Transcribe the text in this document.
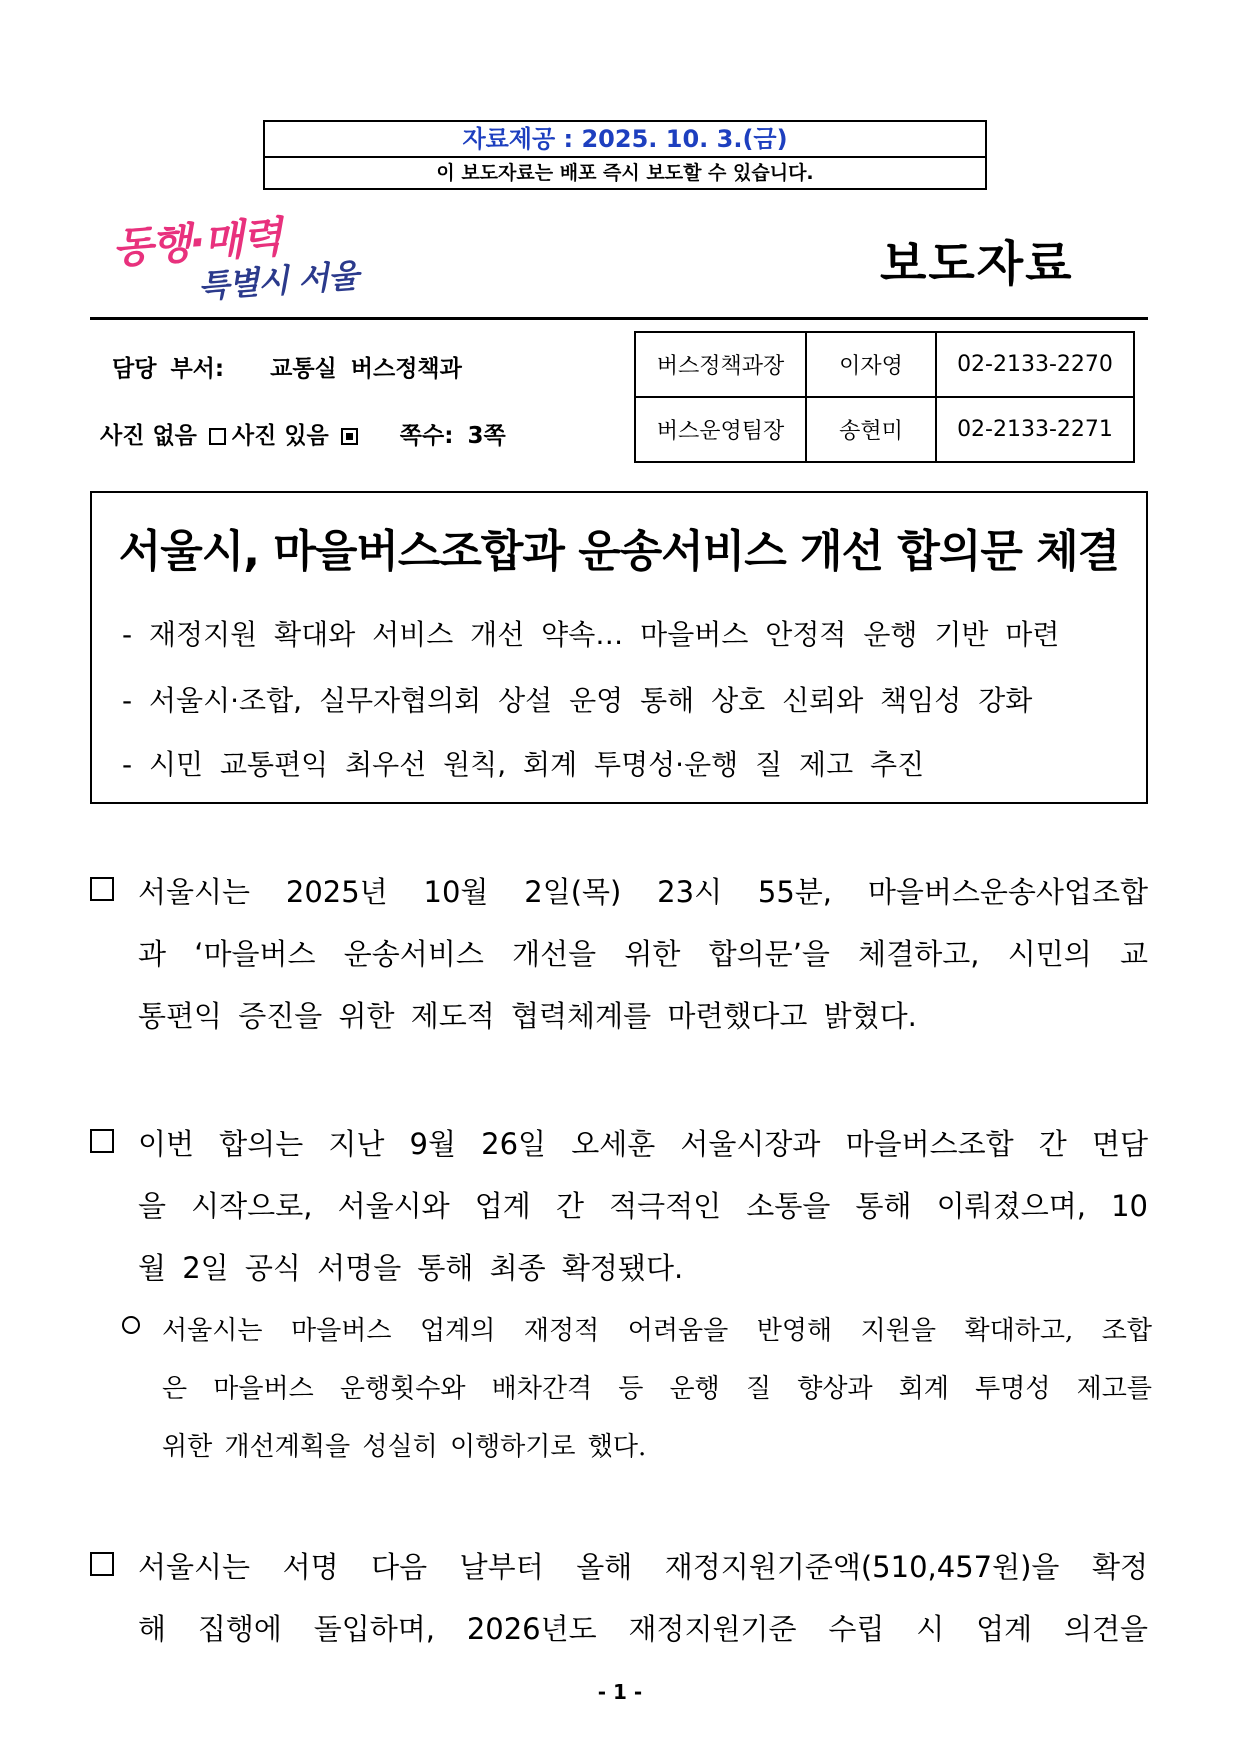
자료제공 : 2025. 10. 3.(금)
이 보도자료는 배포 즉시 보도할 수 있습니다.
동행·매력
특별시 서울	보도자료
담당 부서: 교통실 버스정책과
사진 없음 사진 있음	쪽수: 3쪽
버스정책과장	이자영	02-2133-2270
버스운영팀장	송현미	02-2133-2271
서울시, 마을버스조합과 운송서비스 개선 합의문 체결
- 재정지원 확대와 서비스 개선 약속… 마을버스 안정적 운행 기반 마련
- 서울시·조합, 실무자협의회 상설 운영 통해 상호 신뢰와 책임성 강화
- 시민 교통편익 최우선 원칙, 회계 투명성·운행 질 제고 추진
서울시는 2025년 10월 2일(목) 23시 55분, 마을버스운송사업조합
과 ‘마을버스 운송서비스 개선을 위한 합의문’을 체결하고, 시민의 교
통편익 증진을 위한 제도적 협력체계를 마련했다고 밝혔다.
이번 합의는 지난 9월 26일 오세훈 서울시장과 마을버스조합 간 면담
을 시작으로, 서울시와 업계 간 적극적인 소통을 통해 이뤄졌으며, 10
월 2일 공식 서명을 통해 최종 확정됐다.
서울시는 마을버스 업계의 재정적 어려움을 반영해 지원을 확대하고, 조합
은 마을버스 운행횟수와 배차간격 등 운행 질 향상과 회계 투명성 제고를
위한 개선계획을 성실히 이행하기로 했다.
서울시는 서명 다음 날부터 올해 재정지원기준액(510,457원)을 확정
해 집행에 돌입하며, 2026년도 재정지원기준 수립 시 업계 의견을
- 1 -
